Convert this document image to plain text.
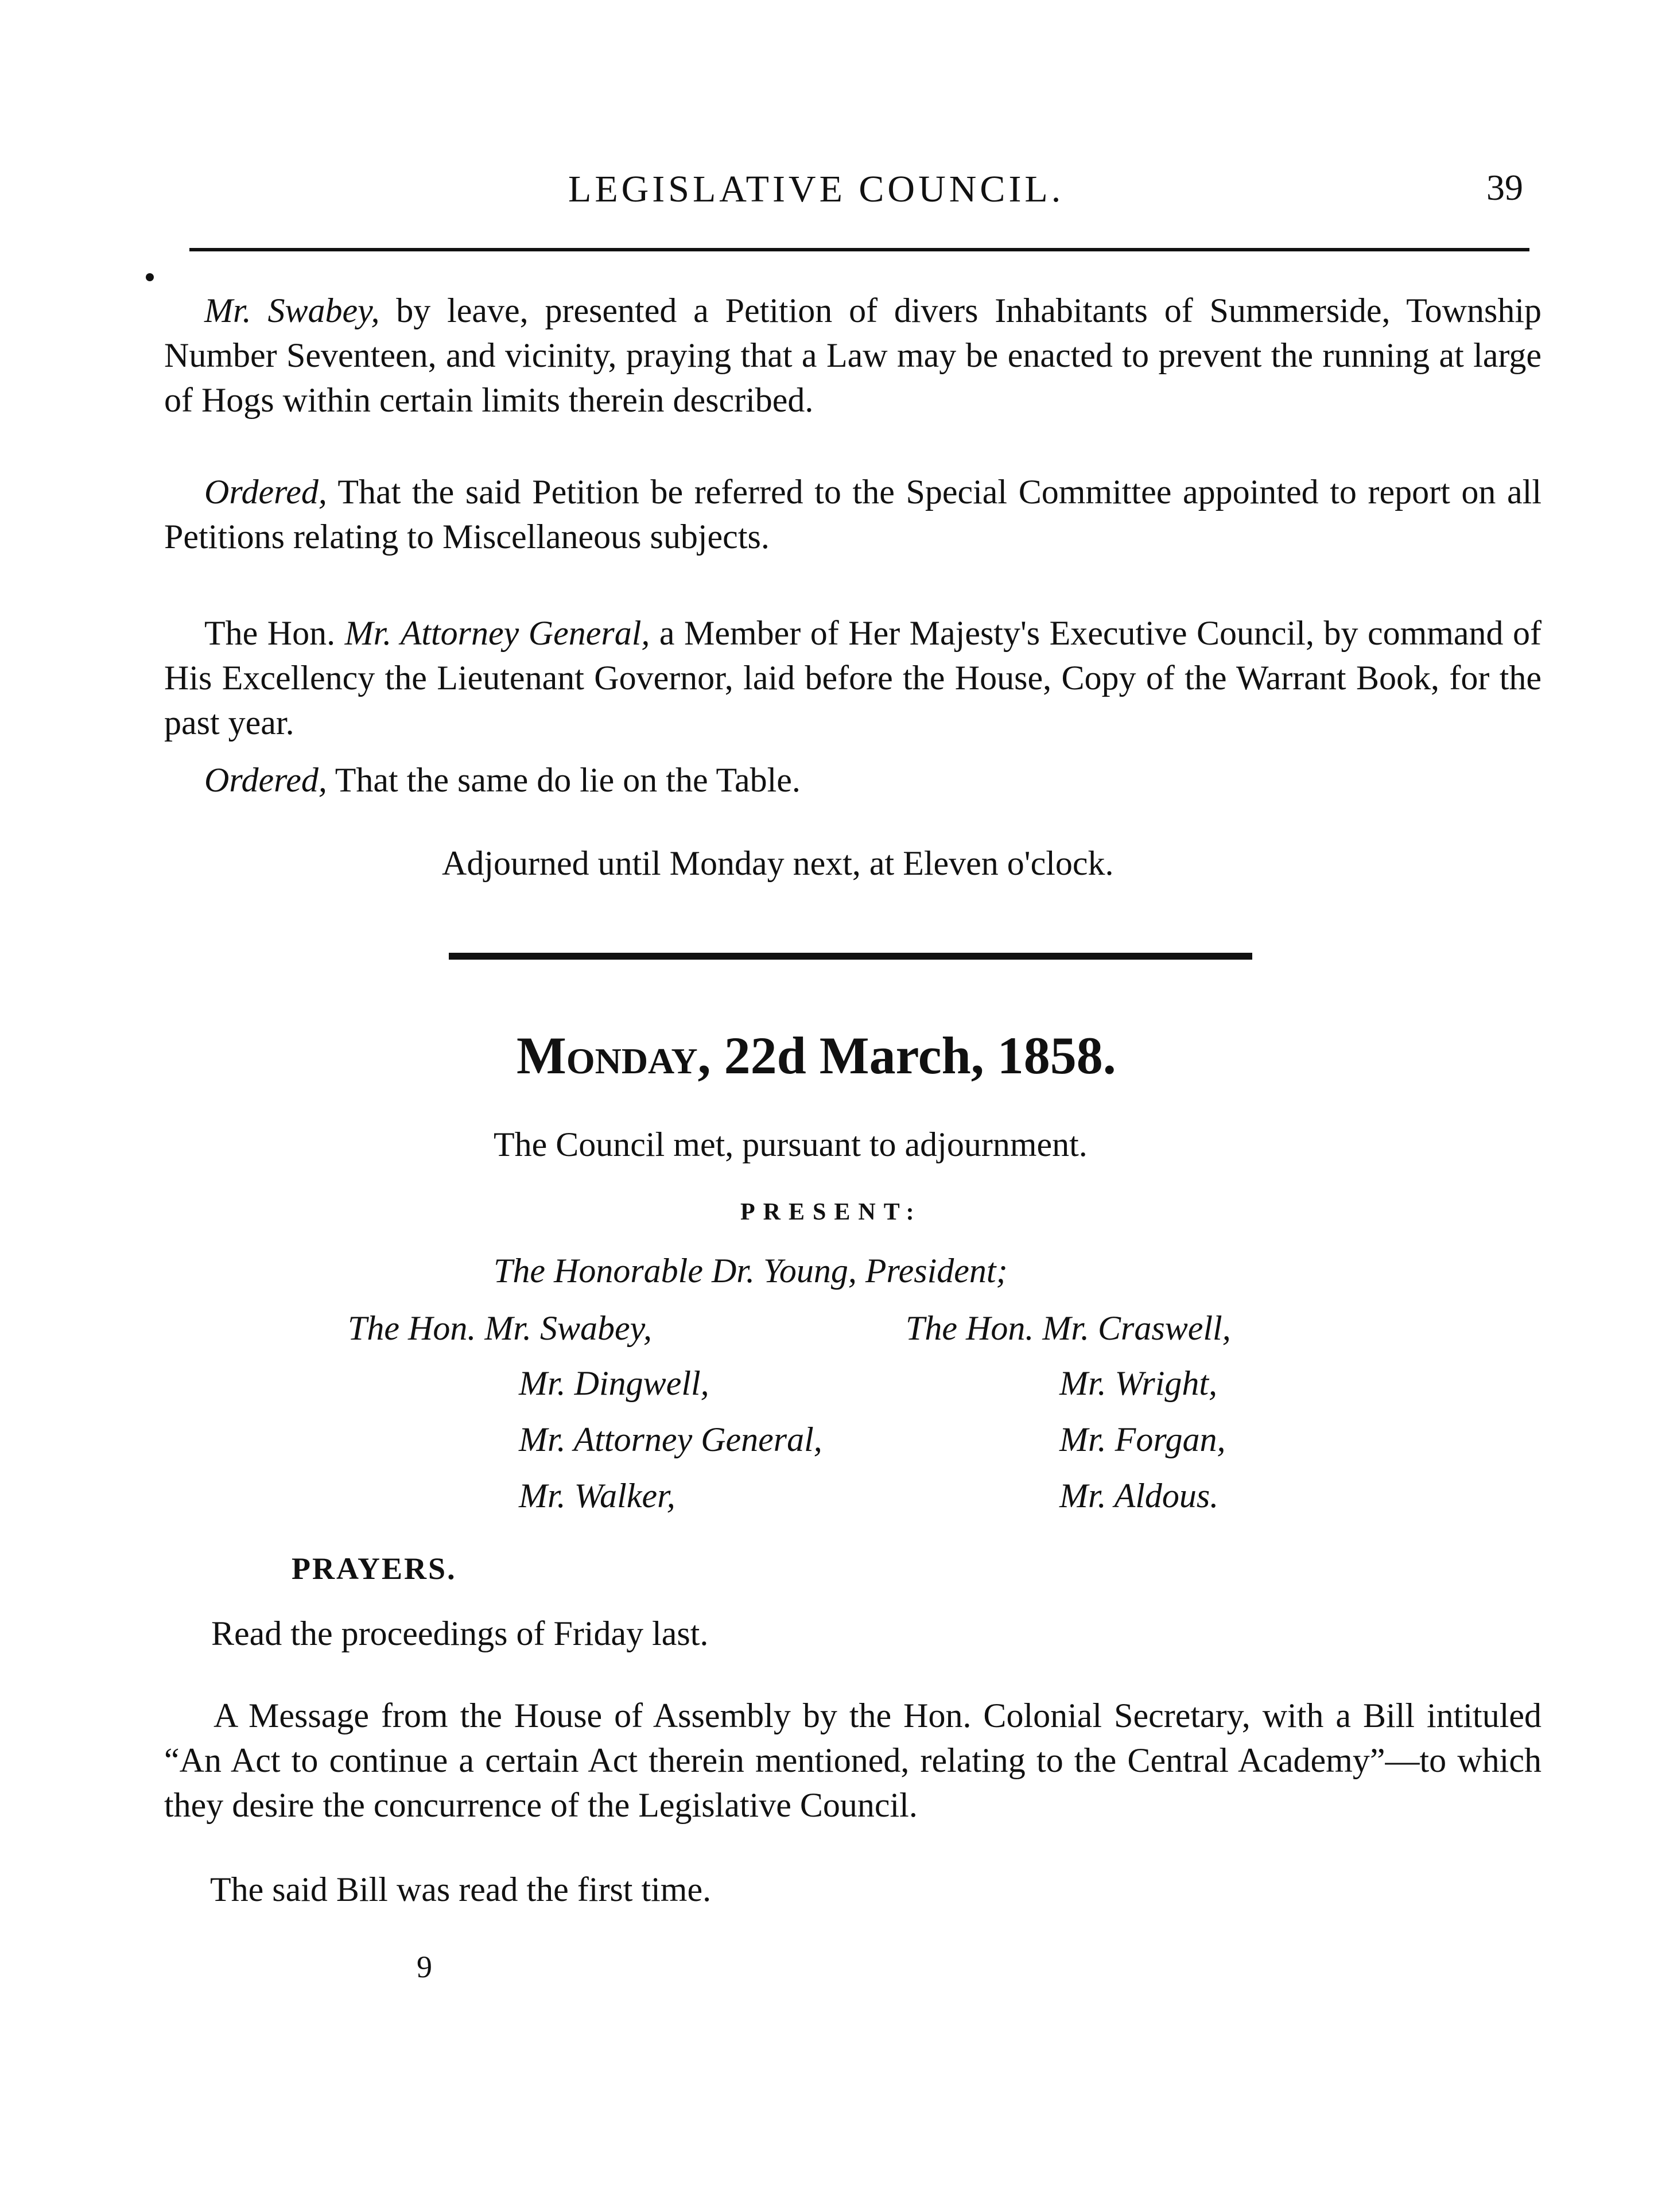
LEGISLATIVE COUNCIL.	39
Mr. Swabey, by leave, presented a Petition of divers Inhabitants of Summerside, Township Number Seventeen, and vicinity, praying that a Law may be enacted to prevent the running at large of Hogs within certain limits therein described.
Ordered, That the said Petition be referred to the Special Committee appointed to report on all Petitions relating to Miscellaneous subjects.
The Hon. Mr. Attorney General, a Member of Her Majesty's Executive Council, by command of His Excellency the Lieutenant Governor, laid before the House, Copy of the Warrant Book, for the past year.
Ordered, That the same do lie on the Table.
Adjourned until Monday next, at Eleven o'clock.
Monday, 22d March, 1858.
The Council met, pursuant to adjournment.
PRESENT:
The Honorable Dr. Young, President;
The Hon. Mr. Swabey,
Mr. Dingwell,
Mr. Attorney General,
Mr. Walker,
The Hon. Mr. Craswell,
Mr. Wright,
Mr. Forgan,
Mr. Aldous.
PRAYERS.
Read the proceedings of Friday last.
A Message from the House of Assembly by the Hon. Colonial Secretary, with a Bill intituled “An Act to continue a certain Act therein mentioned, relating to the Central Academy”—to which they desire the concurrence of the Legislative Council.
The said Bill was read the first time.
9
